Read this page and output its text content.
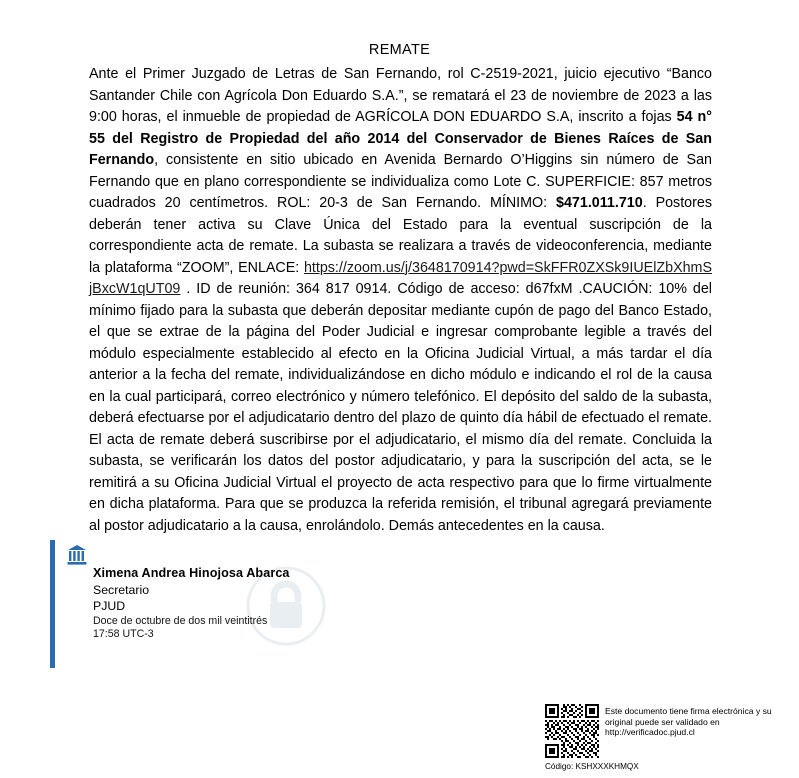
REMATE
Ante el Primer Juzgado de Letras de San Fernando, rol C-2519-2021, juicio ejecutivo “Banco Santander Chile con Agrícola Don Eduardo S.A.”, se rematará el 23 de noviembre de 2023 a las 9:00 horas, el inmueble de propiedad de AGRÍCOLA DON EDUARDO S.A, inscrito a fojas 54 n° 55 del Registro de Propiedad del año 2014 del Conservador de Bienes Raíces de San Fernando, consistente en sitio ubicado en Avenida Bernardo O’Higgins sin número de San Fernando que en plano correspondiente se individualiza como Lote C. SUPERFICIE: 857 metros cuadrados 20 centímetros. ROL: 20-3 de San Fernando. MÍNIMO: $471.011.710. Postores deberán tener activa su Clave Única del Estado para la eventual suscripción de la correspondiente acta de remate. La subasta se realizara a través de videoconferencia, mediante la plataforma “ZOOM”, ENLACE: https://zoom.us/j/3648170914?pwd=SkFFR0ZXSk9IUElZbXhmSjBxcW1qUT09 . ID de reunión: 364 817 0914. Código de acceso: d67fxM .CAUCIÓN: 10% del mínimo fijado para la subasta que deberán depositar mediante cupón de pago del Banco Estado, el que se extrae de la página del Poder Judicial e ingresar comprobante legible a través del módulo especialmente establecido al efecto en la Oficina Judicial Virtual, a más tardar el día anterior a la fecha del remate, individualizándose en dicho módulo e indicando el rol de la causa en la cual participará, correo electrónico y número telefónico. El depósito del saldo de la subasta, deberá efectuarse por el adjudicatario dentro del plazo de quinto día hábil de efectuado el remate. El acta de remate deberá suscribirse por el adjudicatario, el mismo día del remate. Concluida la subasta, se verificarán los datos del postor adjudicatario, y para la suscripción del acta, se le remitirá a su Oficina Judicial Virtual el proyecto de acta respectivo para que lo firme virtualmente en dicha plataforma. Para que se produzca la referida remisión, el tribunal agregará previamente al postor adjudicatario a la causa, enrolándolo. Demás antecedentes en la causa.
Ximena Andrea Hinojosa Abarca
Secretario
PJUD
Doce de octubre de dos mil veintitrés
17:58 UTC-3
Este documento tiene firma electrónica y su original puede ser validado en http://verificadoc.pjud.cl
Código: KSHXXXKHMQX
